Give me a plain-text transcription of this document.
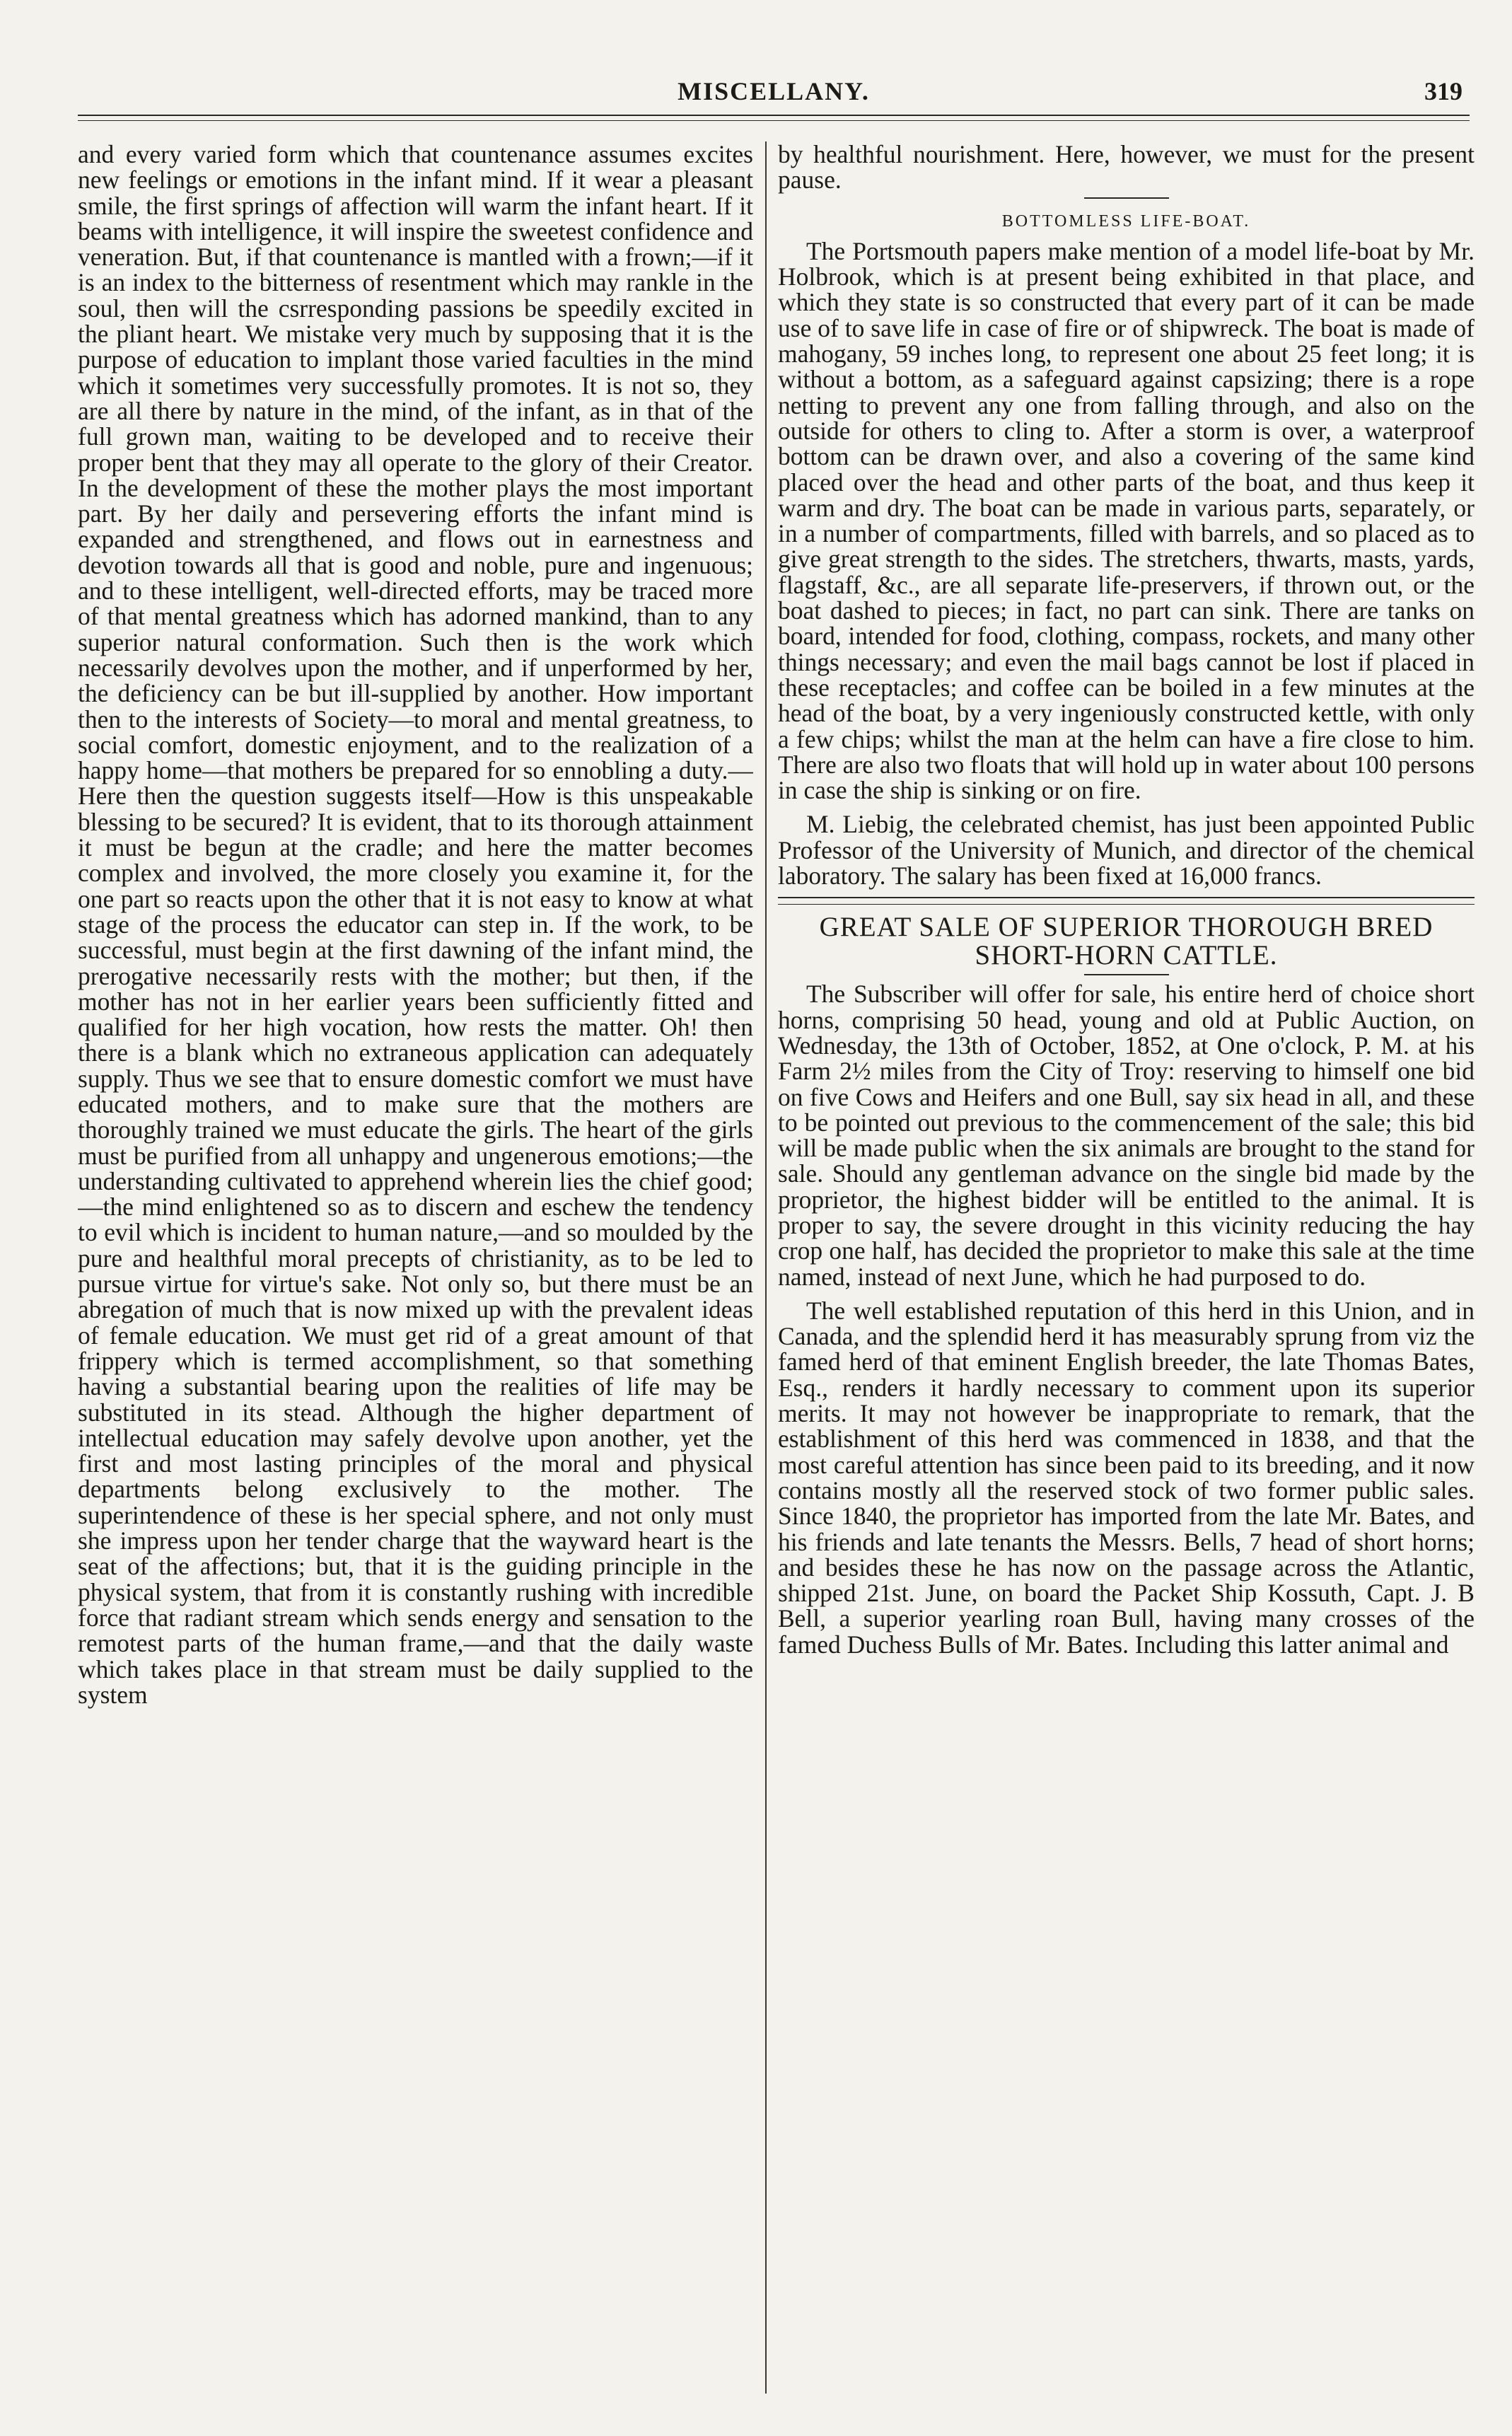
MISCELLANY.	319

and every varied form which that countenance assumes excites new feelings or emotions in the infant mind. If it wear a pleasant smile, the first springs of affection will warm the infant heart. If it beams with intelligence, it will inspire the sweetest confidence and veneration. But, if that countenance is mantled with a frown;—if it is an index to the bitterness of resentment which may rankle in the soul, then will the csrresponding passions be speedily excited in the pliant heart. We mistake very much by supposing that it is the purpose of education to implant those varied faculties in the mind which it sometimes very successfully promotes. It is not so, they are all there by nature in the mind, of the infant, as in that of the full grown man, waiting to be developed and to receive their proper bent that they may all operate to the glory of their Creator. In the development of these the mother plays the most important part. By her daily and persevering efforts the infant mind is expanded and strengthened, and flows out in earnestness and devotion towards all that is good and noble, pure and ingenuous; and to these intelligent, well-directed efforts, may be traced more of that mental greatness which has adorned mankind, than to any superior natural conformation. Such then is the work which necessarily devolves upon the mother, and if unperformed by her, the deficiency can be but ill-supplied by another. How important then to the interests of Society—to moral and mental greatness, to social comfort, domestic enjoyment, and to the realization of a happy home—that mothers be prepared for so ennobling a duty.—Here then the question suggests itself—How is this unspeakable blessing to be secured? It is evident, that to its thorough attainment it must be begun at the cradle; and here the matter becomes complex and involved, the more closely you examine it, for the one part so reacts upon the other that it is not easy to know at what stage of the process the educator can step in. If the work, to be successful, must begin at the first dawning of the infant mind, the prerogative necessarily rests with the mother; but then, if the mother has not in her earlier years been sufficiently fitted and qualified for her high vocation, how rests the matter. Oh! then there is a blank which no extraneous application can adequately supply. Thus we see that to ensure domestic comfort we must have educated mothers, and to make sure that the mothers are thoroughly trained we must educate the girls. The heart of the girls must be purified from all unhappy and ungenerous emotions;—the understanding cultivated to apprehend wherein lies the chief good;—the mind enlightened so as to discern and eschew the tendency to evil which is incident to human nature,—and so moulded by the pure and healthful moral precepts of christianity, as to be led to pursue virtue for virtue's sake. Not only so, but there must be an abregation of much that is now mixed up with the prevalent ideas of female education. We must get rid of a great amount of that frippery which is termed accomplishment, so that something having a substantial bearing upon the realities of life may be substituted in its stead. Although the higher department of intellectual education may safely devolve upon another, yet the first and most lasting principles of the moral and physical departments belong exclusively to the mother. The superintendence of these is her special sphere, and not only must she impress upon her tender charge that the wayward heart is the seat of the affections; but, that it is the guiding principle in the physical system, that from it is constantly rushing with incredible force that radiant stream which sends energy and sensation to the remotest parts of the human frame,—and that the daily waste which takes place in that stream must be daily supplied to the system

by healthful nourishment. Here, however, we must for the present pause.

BOTTOMLESS LIFE-BOAT.

The Portsmouth papers make mention of a model life-boat by Mr. Holbrook, which is at present being exhibited in that place, and which they state is so constructed that every part of it can be made use of to save life in case of fire or of shipwreck. The boat is made of mahogany, 59 inches long, to represent one about 25 feet long; it is without a bottom, as a safeguard against capsizing; there is a rope netting to prevent any one from falling through, and also on the outside for others to cling to. After a storm is over, a waterproof bottom can be drawn over, and also a covering of the same kind placed over the head and other parts of the boat, and thus keep it warm and dry. The boat can be made in various parts, separately, or in a number of compartments, filled with barrels, and so placed as to give great strength to the sides. The stretchers, thwarts, masts, yards, flagstaff, &c., are all separate life-preservers, if thrown out, or the boat dashed to pieces; in fact, no part can sink. There are tanks on board, intended for food, clothing, compass, rockets, and many other things necessary; and even the mail bags cannot be lost if placed in these receptacles; and coffee can be boiled in a few minutes at the head of the boat, by a very ingeniously constructed kettle, with only a few chips; whilst the man at the helm can have a fire close to him. There are also two floats that will hold up in water about 100 persons in case the ship is sinking or on fire.

M. Liebig, the celebrated chemist, has just been appointed Public Professor of the University of Munich, and director of the chemical laboratory. The salary has been fixed at 16,000 francs.

GREAT SALE OF SUPERIOR THOROUGH BRED SHORT-HORN CATTLE.

The Subscriber will offer for sale, his entire herd of choice short horns, comprising 50 head, young and old at Public Auction, on Wednesday, the 13th of October, 1852, at One o'clock, P. M. at his Farm 2½ miles from the City of Troy: reserving to himself one bid on five Cows and Heifers and one Bull, say six head in all, and these to be pointed out previous to the commencement of the sale; this bid will be made public when the six animals are brought to the stand for sale. Should any gentleman advance on the single bid made by the proprietor, the highest bidder will be entitled to the animal. It is proper to say, the severe drought in this vicinity reducing the hay crop one half, has decided the proprietor to make this sale at the time named, instead of next June, which he had purposed to do.

The well established reputation of this herd in this Union, and in Canada, and the splendid herd it has measurably sprung from viz the famed herd of that eminent English breeder, the late Thomas Bates, Esq., renders it hardly necessary to comment upon its superior merits. It may not however be inappropriate to remark, that the establishment of this herd was commenced in 1838, and that the most careful attention has since been paid to its breeding, and it now contains mostly all the reserved stock of two former public sales. Since 1840, the proprietor has imported from the late Mr. Bates, and his friends and late tenants the Messrs. Bells, 7 head of short horns; and besides these he has now on the passage across the Atlantic, shipped 21st. June, on board the Packet Ship Kossuth, Capt. J. B Bell, a superior yearling roan Bull, having many crosses of the famed Duchess Bulls of Mr. Bates. Including this latter animal and
